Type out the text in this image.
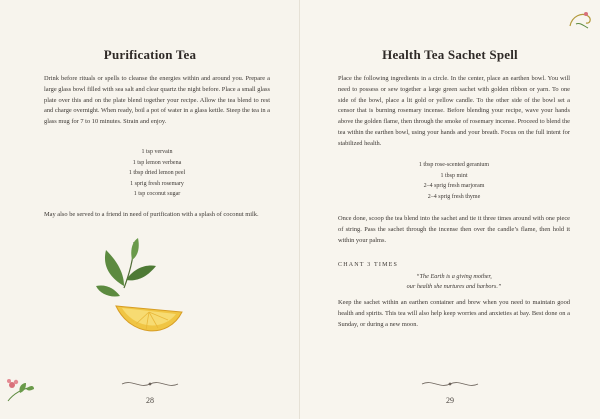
Purification Tea
Drink before rituals or spells to cleanse the energies within and around you. Prepare a large glass bowl filled with sea salt and clear quartz the night before. Place a small glass plate over this and on the plate blend together your recipe. Allow the tea blend to rest and charge overnight. When ready, boil a pot of water in a glass kettle. Steep the tea in a glass mug for 7 to 10 minutes. Strain and enjoy.
1 tsp vervain
1 tsp lemon verbena
1 tbsp dried lemon peel
1 sprig fresh rosemary
1 tsp coconut sugar
May also be served to a friend in need of purification with a splash of coconut milk.
28
Health Tea Sachet Spell
Place the following ingredients in a circle. In the center, place an earthen bowl. You will need to possess or sew together a large green sachet with golden ribbon or yarn. To one side of the bowl, place a lit gold or yellow candle. To the other side of the bowl set a censor that is burning rosemary incense. Before blending your recipe, wave your hands above the golden flame, then through the smoke of rosemary incense. Proceed to blend the tea within the earthen bowl, using your hands and your breath. Focus on the full intent for stabilized health.
1 tbsp rose-scented geranium
1 tbsp mint
2–4 sprig fresh marjoram
2–4 sprig fresh thyme
Once done, scoop the tea blend into the sachet and tie it three times around with one piece of string. Pass the sachet through the incense then over the candle’s flame, then hold it within your palms.
CHANT 3 TIMES
“The Earth is a giving mother,
our health she nurtures and harbors.”
Keep the sachet within an earthen container and brew when you need to maintain good health and spirits. This tea will also help keep worries and anxieties at bay. Best done on a Sunday, or during a new moon.
29
